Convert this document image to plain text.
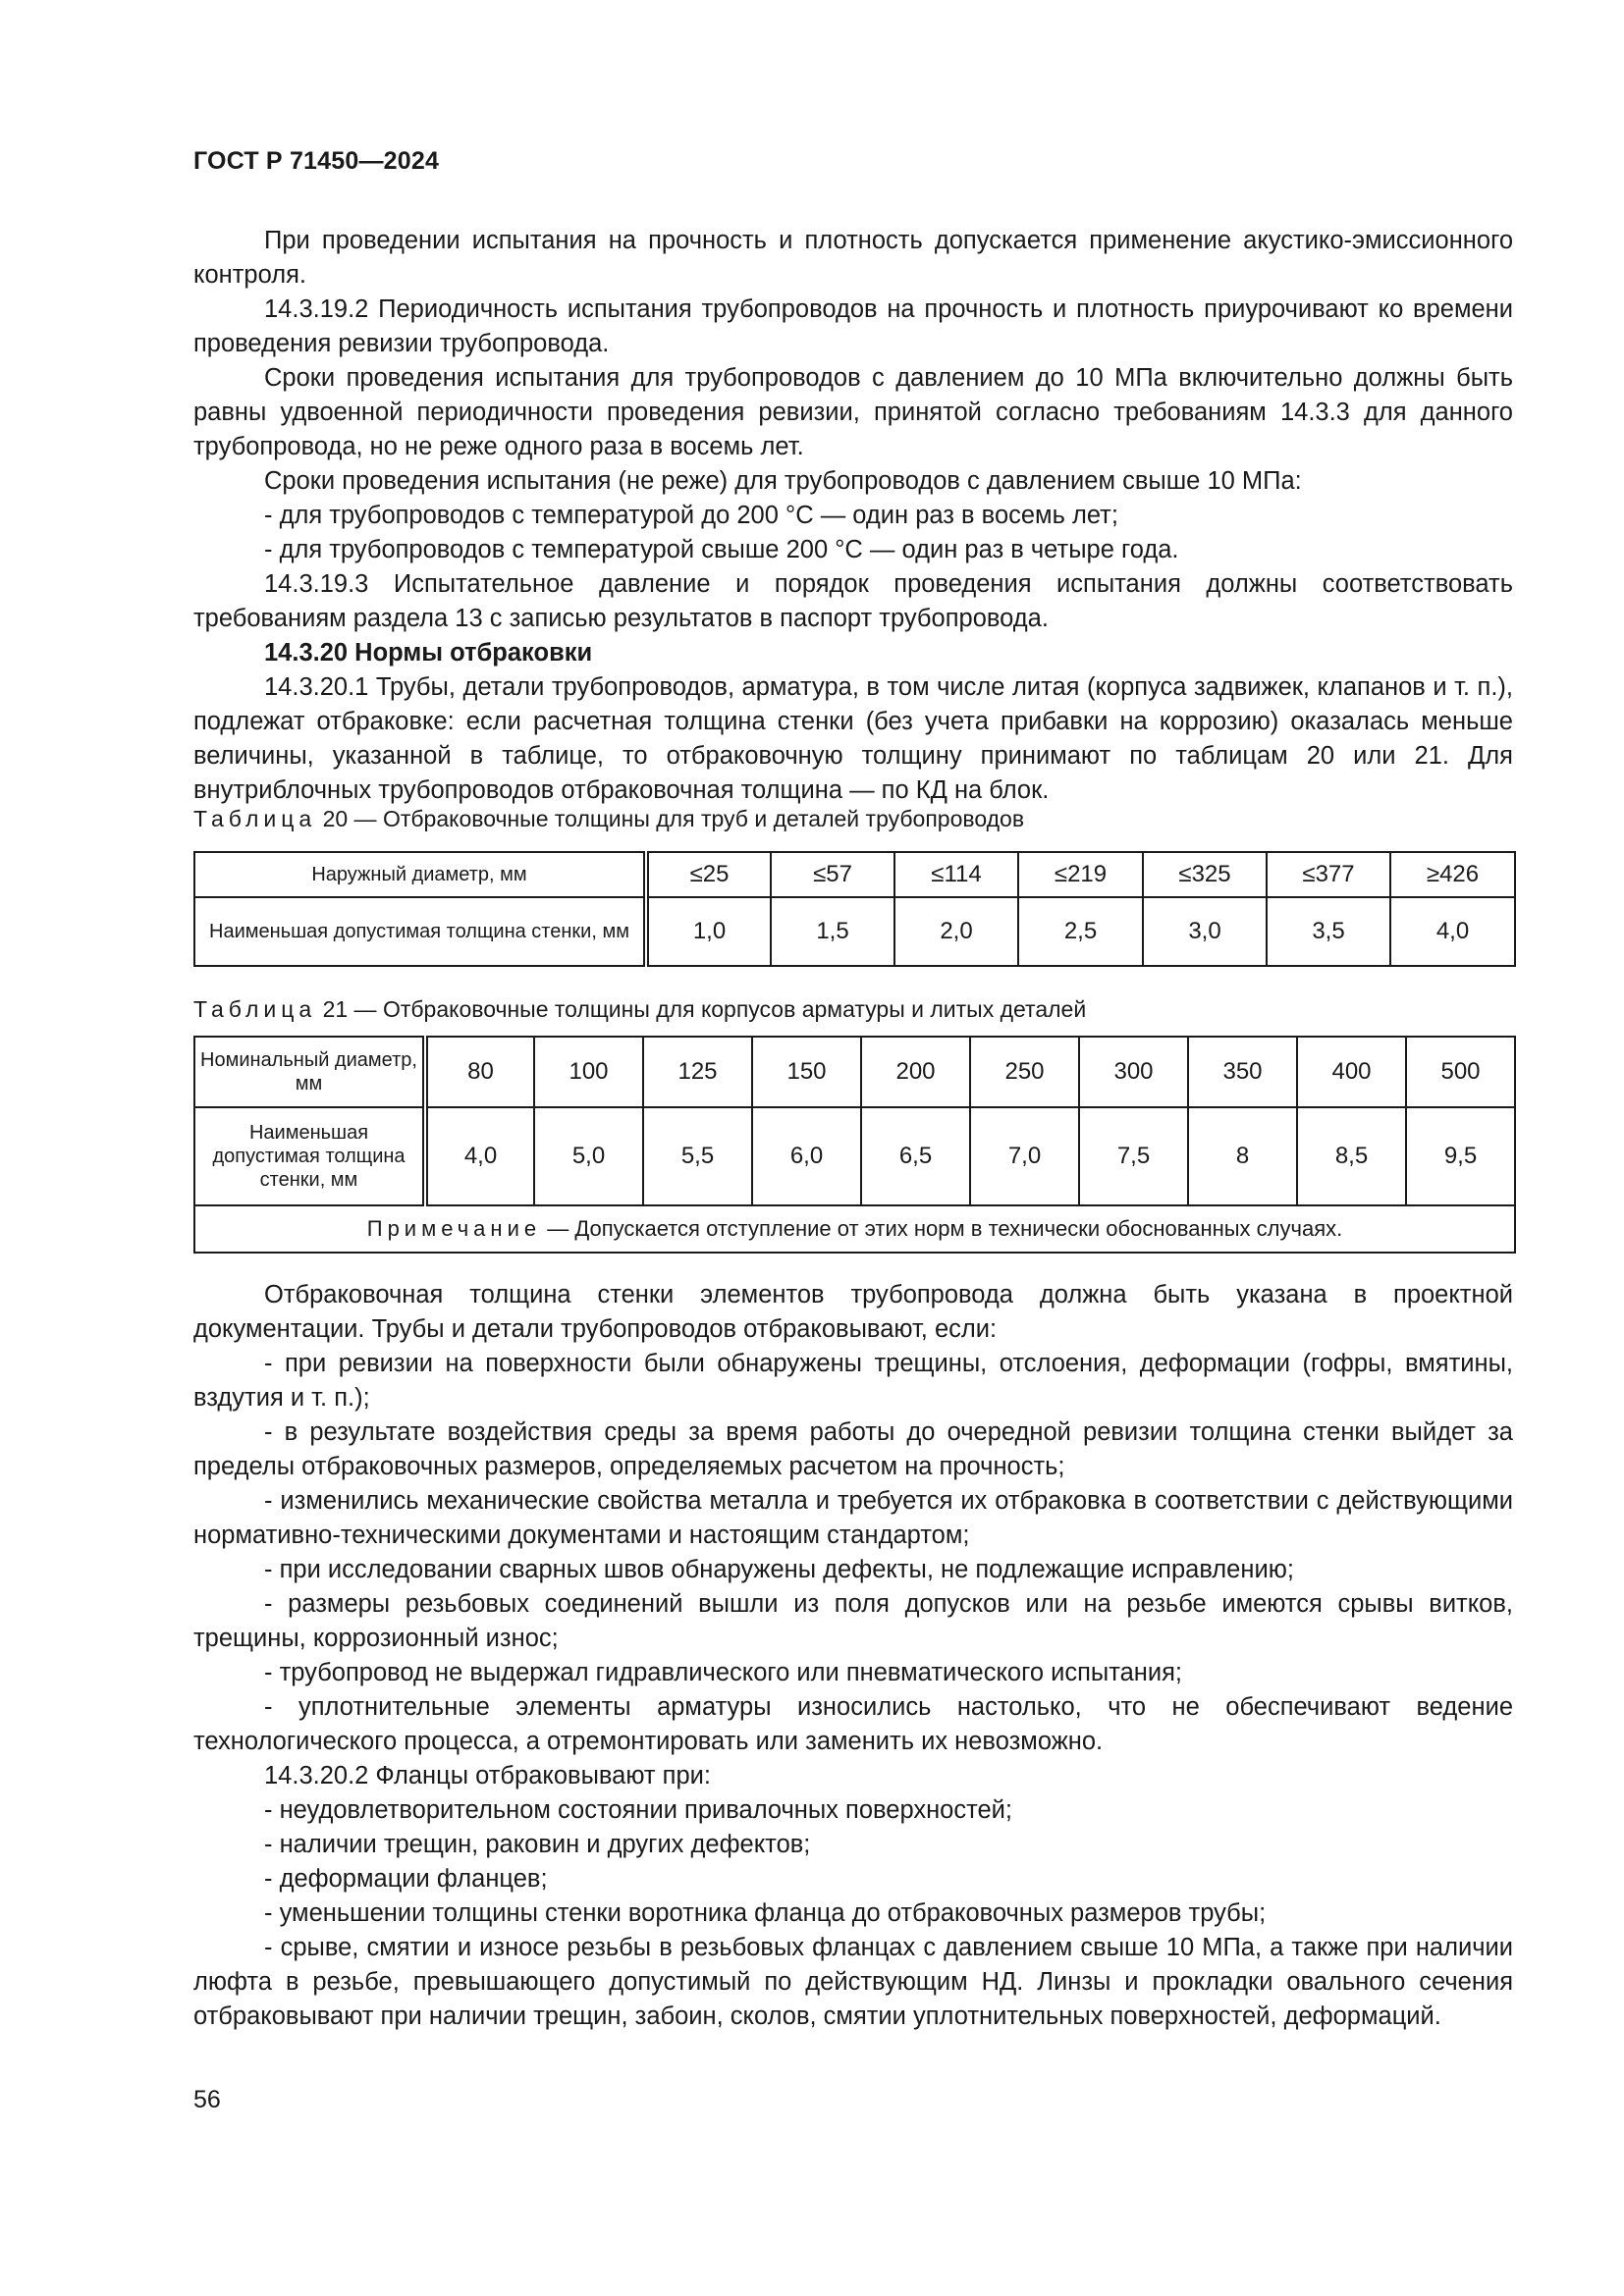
ГОСТ Р 71450—2024

При проведении испытания на прочность и плотность допускается применение акустико-эмиссионного контроля.

14.3.19.2 Периодичность испытания трубопроводов на прочность и плотность приурочивают ко времени проведения ревизии трубопровода.

Сроки проведения испытания для трубопроводов с давлением до 10 МПа включительно должны быть равны удвоенной периодичности проведения ревизии, принятой согласно требованиям 14.3.3 для данного трубопровода, но не реже одного раза в восемь лет.

Сроки проведения испытания (не реже) для трубопроводов с давлением свыше 10 МПа:

- для трубопроводов с температурой до 200 °С — один раз в восемь лет;

- для трубопроводов с температурой свыше 200 °С — один раз в четыре года.

14.3.19.3 Испытательное давление и порядок проведения испытания должны соответствовать требованиям раздела 13 с записью результатов в паспорт трубопровода.

14.3.20 Нормы отбраковки

14.3.20.1 Трубы, детали трубопроводов, арматура, в том числе литая (корпуса задвижек, клапанов и т. п.), подлежат отбраковке: если расчетная толщина стенки (без учета прибавки на коррозию) оказалась меньше величины, указанной в таблице, то отбраковочную толщину принимают по таблицам 20 или 21. Для внутриблочных трубопроводов отбраковочная толщина — по КД на блок.

Таблица 20 — Отбраковочные толщины для труб и деталей трубопроводов
Наружный диаметр, мм	≤25	≤57	≤114	≤219	≤325	≤377	≥426
Наименьшая допустимая толщина стенки, мм	1,0	1,5	2,0	2,5	3,0	3,5	4,0
Таблица 21 — Отбраковочные толщины для корпусов арматуры и литых деталей
Номинальный диаметр, мм	80	100	125	150	200	250	300	350	400	500
Наименьшая допустимая толщина стенки, мм	4,0	5,0	5,5	6,0	6,5	7,0	7,5	8	8,5	9,5
Примечание — Допускается отступление от этих норм в технически обоснованных случаях.										

Отбраковочная толщина стенки элементов трубопровода должна быть указана в проектной документации. Трубы и детали трубопроводов отбраковывают, если:

- при ревизии на поверхности были обнаружены трещины, отслоения, деформации (гофры, вмятины, вздутия и т. п.);

- в результате воздействия среды за время работы до очередной ревизии толщина стенки выйдет за пределы отбраковочных размеров, определяемых расчетом на прочность;

- изменились механические свойства металла и требуется их отбраковка в соответствии с действующими нормативно-техническими документами и настоящим стандартом;

- при исследовании сварных швов обнаружены дефекты, не подлежащие исправлению;

- размеры резьбовых соединений вышли из поля допусков или на резьбе имеются срывы витков, трещины, коррозионный износ;

- трубопровод не выдержал гидравлического или пневматического испытания;

- уплотнительные элементы арматуры износились настолько, что не обеспечивают ведение технологического процесса, а отремонтировать или заменить их невозможно.

14.3.20.2 Фланцы отбраковывают при:

- неудовлетворительном состоянии привалочных поверхностей;

- наличии трещин, раковин и других дефектов;

- деформации фланцев;

- уменьшении толщины стенки воротника фланца до отбраковочных размеров трубы;

- срыве, смятии и износе резьбы в резьбовых фланцах с давлением свыше 10 МПа, а также при наличии люфта в резьбе, превышающего допустимый по действующим НД. Линзы и прокладки овального сечения отбраковывают при наличии трещин, забоин, сколов, смятии уплотнительных поверхностей, деформаций.

56
